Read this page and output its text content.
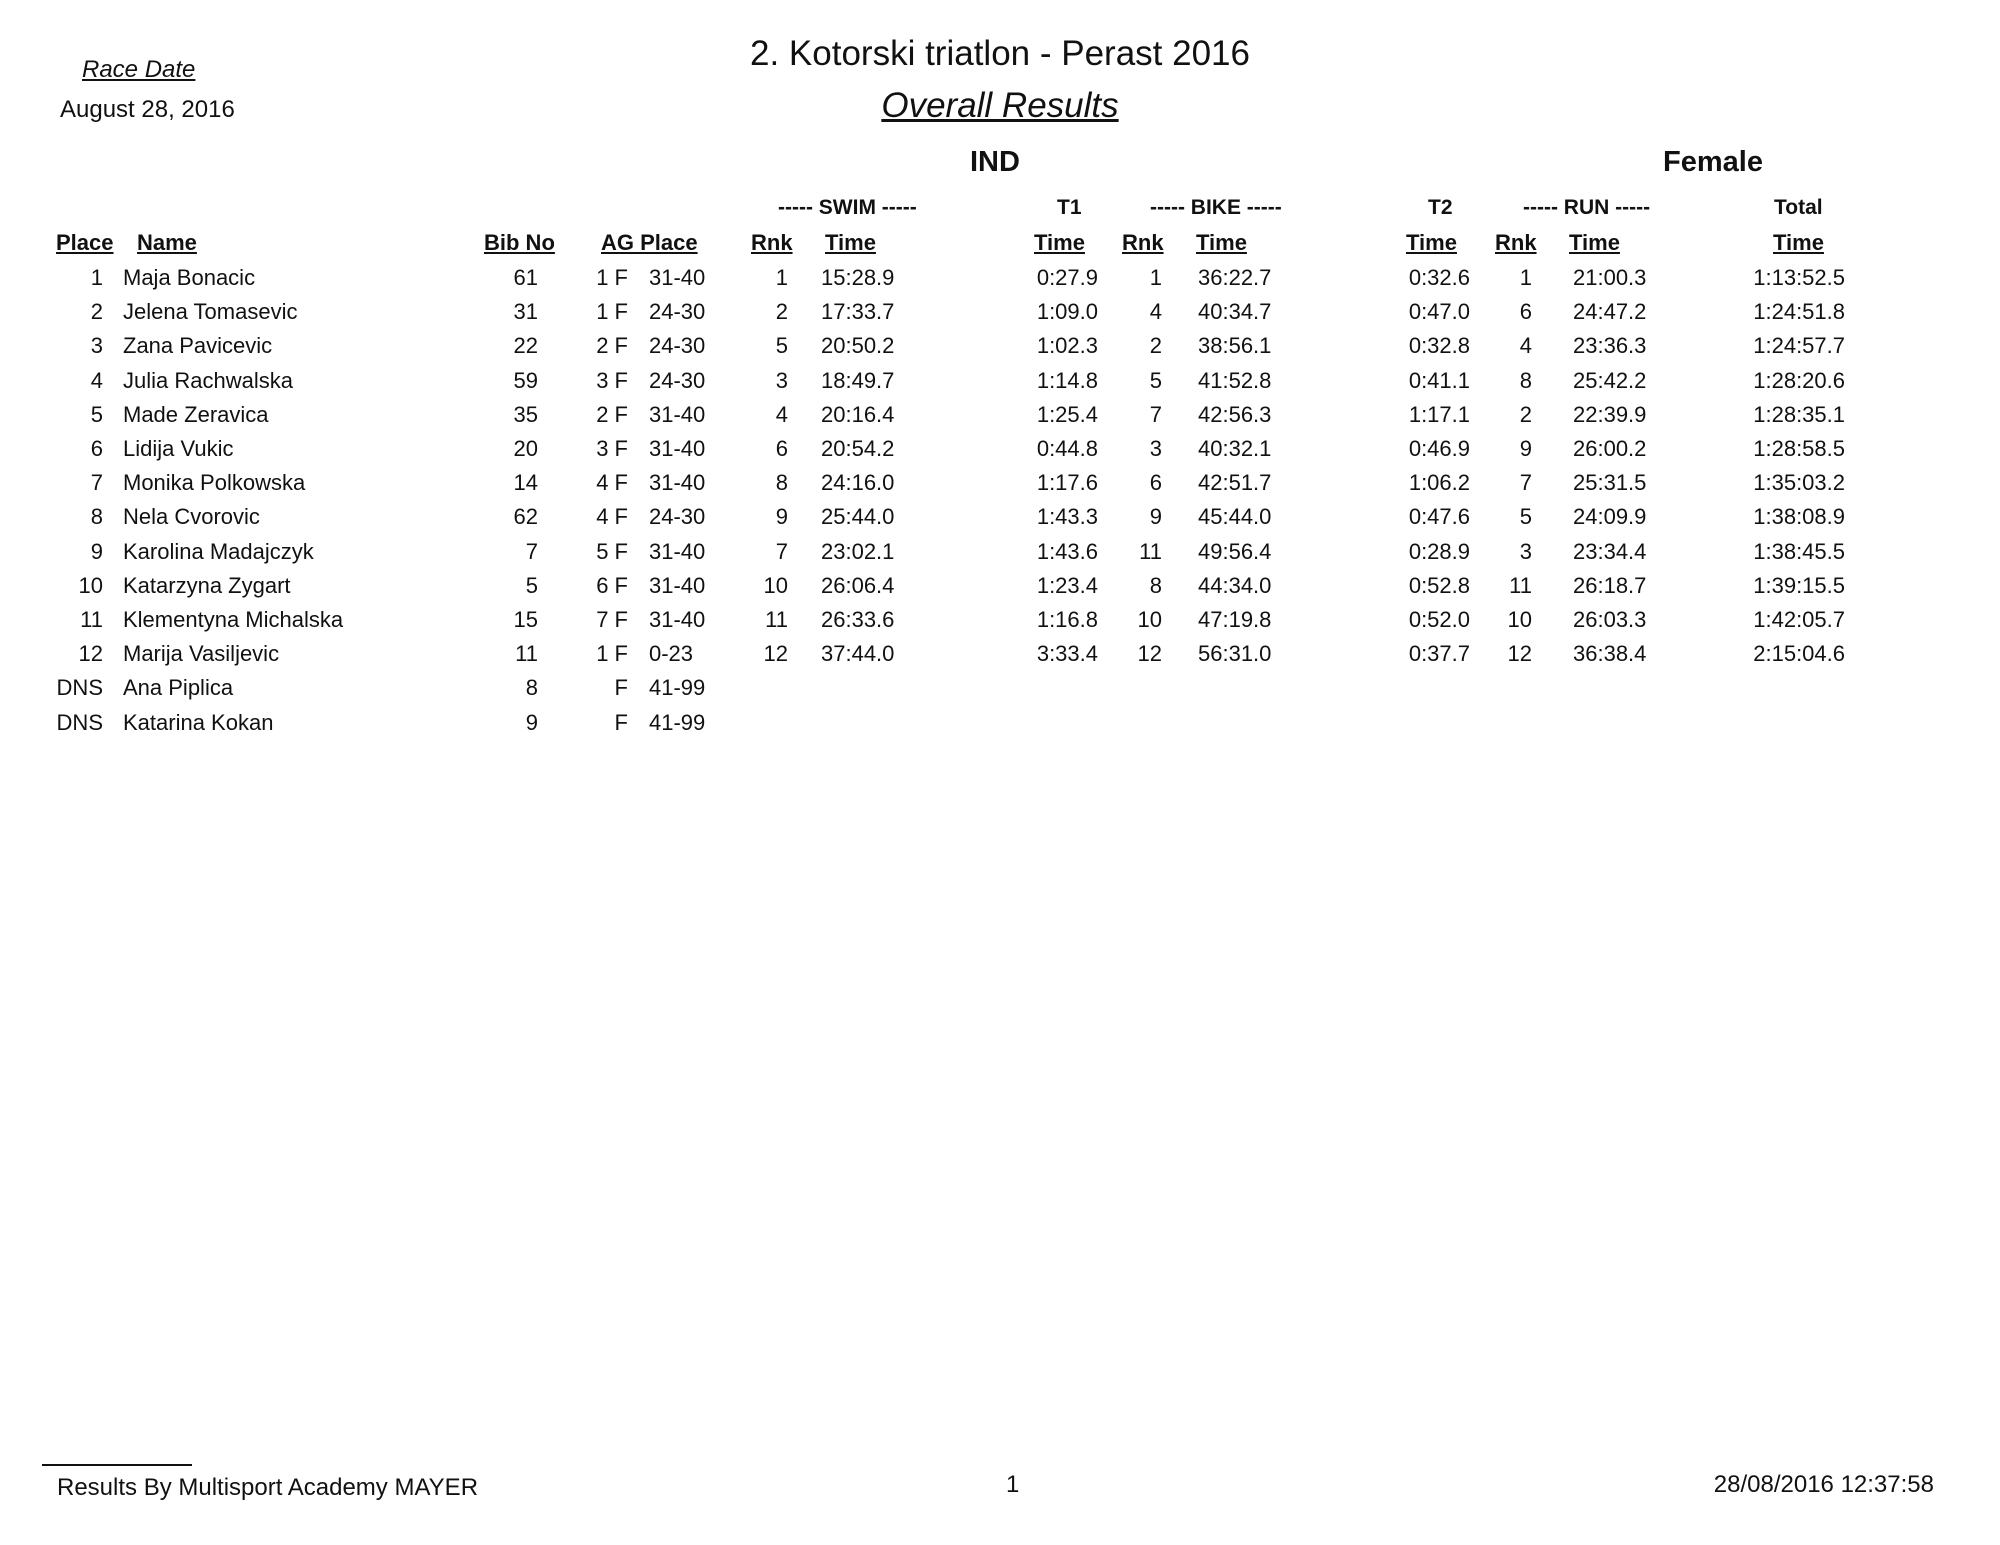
Race Date
August 28, 2016
2. Kotorski triatlon - Perast 2016
Overall Results
IND	Female
----- SWIM -----	T1	----- BIKE -----	T2	----- RUN -----	Total
Place Name	Bib No AG Place Rnk Time	Time Rnk Time	Time Rnk Time	Time
1 Maja Bonacic	61	1 F 31-40	1 15:28.9	0:27.9	1 36:22.7	0:32.6	1 21:00.3	1:13:52.5
2 Jelena Tomasevic	31	1 F 24-30	2 17:33.7	1:09.0	4 40:34.7	0:47.0	6 24:47.2	1:24:51.8
3 Zana Pavicevic	22	2 F 24-30	5 20:50.2	1:02.3	2 38:56.1	0:32.8	4 23:36.3	1:24:57.7
4 Julia Rachwalska	59	3 F 24-30	3 18:49.7	1:14.8	5 41:52.8	0:41.1	8 25:42.2	1:28:20.6
5 Made Zeravica	35	2 F 31-40	4 20:16.4	1:25.4	7 42:56.3	1:17.1	2 22:39.9	1:28:35.1
6 Lidija Vukic	20	3 F 31-40	6 20:54.2	0:44.8	3 40:32.1	0:46.9	9 26:00.2	1:28:58.5
7 Monika Polkowska	14	4 F 31-40	8 24:16.0	1:17.6	6 42:51.7	1:06.2	7 25:31.5	1:35:03.2
8 Nela Cvorovic	62	4 F 24-30	9 25:44.0	1:43.3	9 45:44.0	0:47.6	5 24:09.9	1:38:08.9
9 Karolina Madajczyk	7	5 F 31-40	7 23:02.1	1:43.6	11 49:56.4	0:28.9	3 23:34.4	1:38:45.5
10 Katarzyna Zygart	5	6 F 31-40	10 26:06.4	1:23.4	8 44:34.0	0:52.8	11 26:18.7	1:39:15.5
11 Klementyna Michalska	15	7 F 31-40	11 26:33.6	1:16.8	10 47:19.8	0:52.0	10 26:03.3	1:42:05.7
12 Marija Vasiljevic	11	1 F 0-23	12 37:44.0	3:33.4	12 56:31.0	0:37.7	12 36:38.4	2:15:04.6
DNS Ana Piplica	8	F 41-99
DNS Katarina Kokan	9	F 41-99
Results By Multisport Academy MAYER	1	28/08/2016 12:37:58
